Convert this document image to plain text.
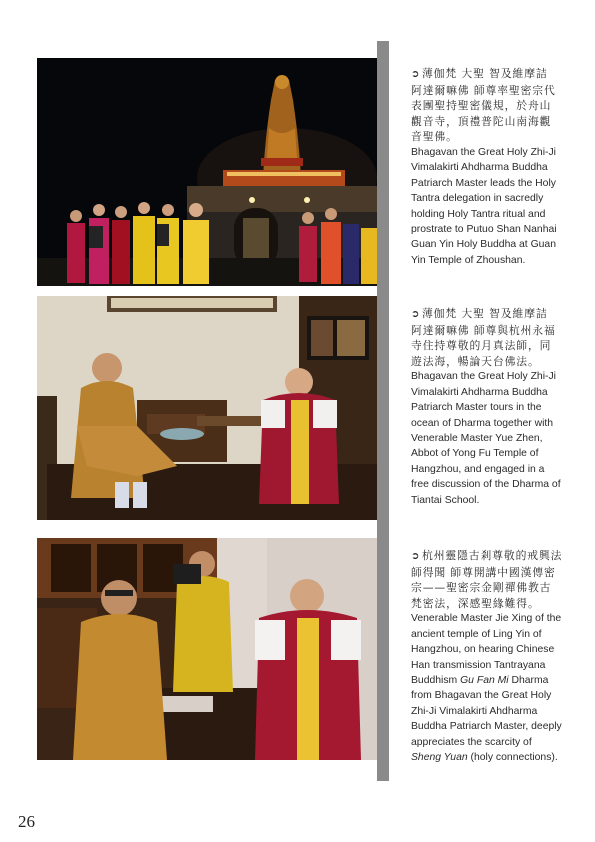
➲ 薄伽梵 大聖 智及維摩詰 阿達爾嘛佛 師尊率聖密宗代表團聖持聖密儀規，於舟山觀音寺，頂禮普陀山南海觀音聖佛。
Bhagavan the Great Holy Zhi-Ji Vimalakirti Ahdharma Buddha Patriarch Master leads the Holy Tantra delegation in sacredly holding Holy Tantra ritual and prostrate to Putuo Shan Nanhai Guan Yin Holy Buddha at Guan Yin Temple of Zhoushan.
➲ 薄伽梵 大聖 智及維摩詰 阿達爾嘛佛 師尊與杭州永福寺住持尊敬的月真法師，同遊法海，暢論天台佛法。
Bhagavan the Great Holy Zhi-Ji Vimalakirti Ahdharma Buddha Patriarch Master tours in the ocean of Dharma together with Venerable Master Yue Zhen, Abbot of Yong Fu Temple of Hangzhou, and engaged in a free discussion of the Dharma of Tiantai School.
➲ 杭州靈隱古剎尊敬的戒興法師得聞 師尊開講中國漢傳密宗——聖密宗金剛禪佛教古梵密法，深感聖緣難得。
Venerable Master Jie Xing of the ancient temple of Ling Yin of Hangzhou, on hearing Chinese Han transmission Tantrayana Buddhism Gu Fan Mi Dharma from Bhagavan the Great Holy Zhi-Ji Vimalakirti Ahdharma Buddha Patriarch Master, deeply appreciates the scarcity of Sheng Yuan (holy connections).
26
